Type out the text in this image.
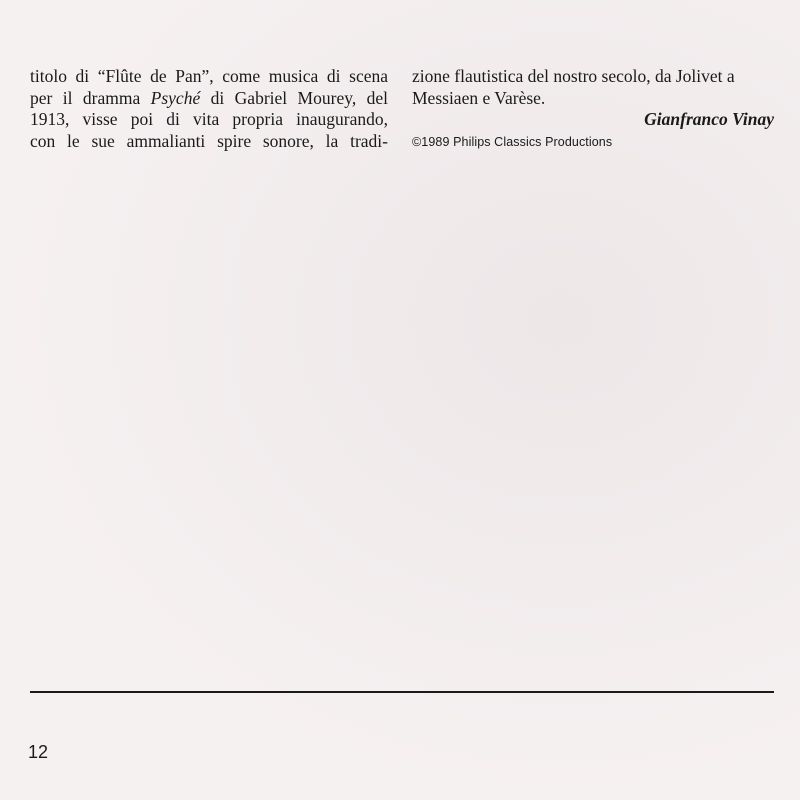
titolo di “Flûte de Pan”, come musica di scena
per il dramma Psyché di Gabriel Mourey, del
1913, visse poi di vita propria inaugurando,
con le sue ammalianti spire sonore, la tradi-
zione flautistica del nostro secolo, da Jolivet a
Messiaen e Varèse.
Gianfranco Vinay
©1989 Philips Classics Productions
12
